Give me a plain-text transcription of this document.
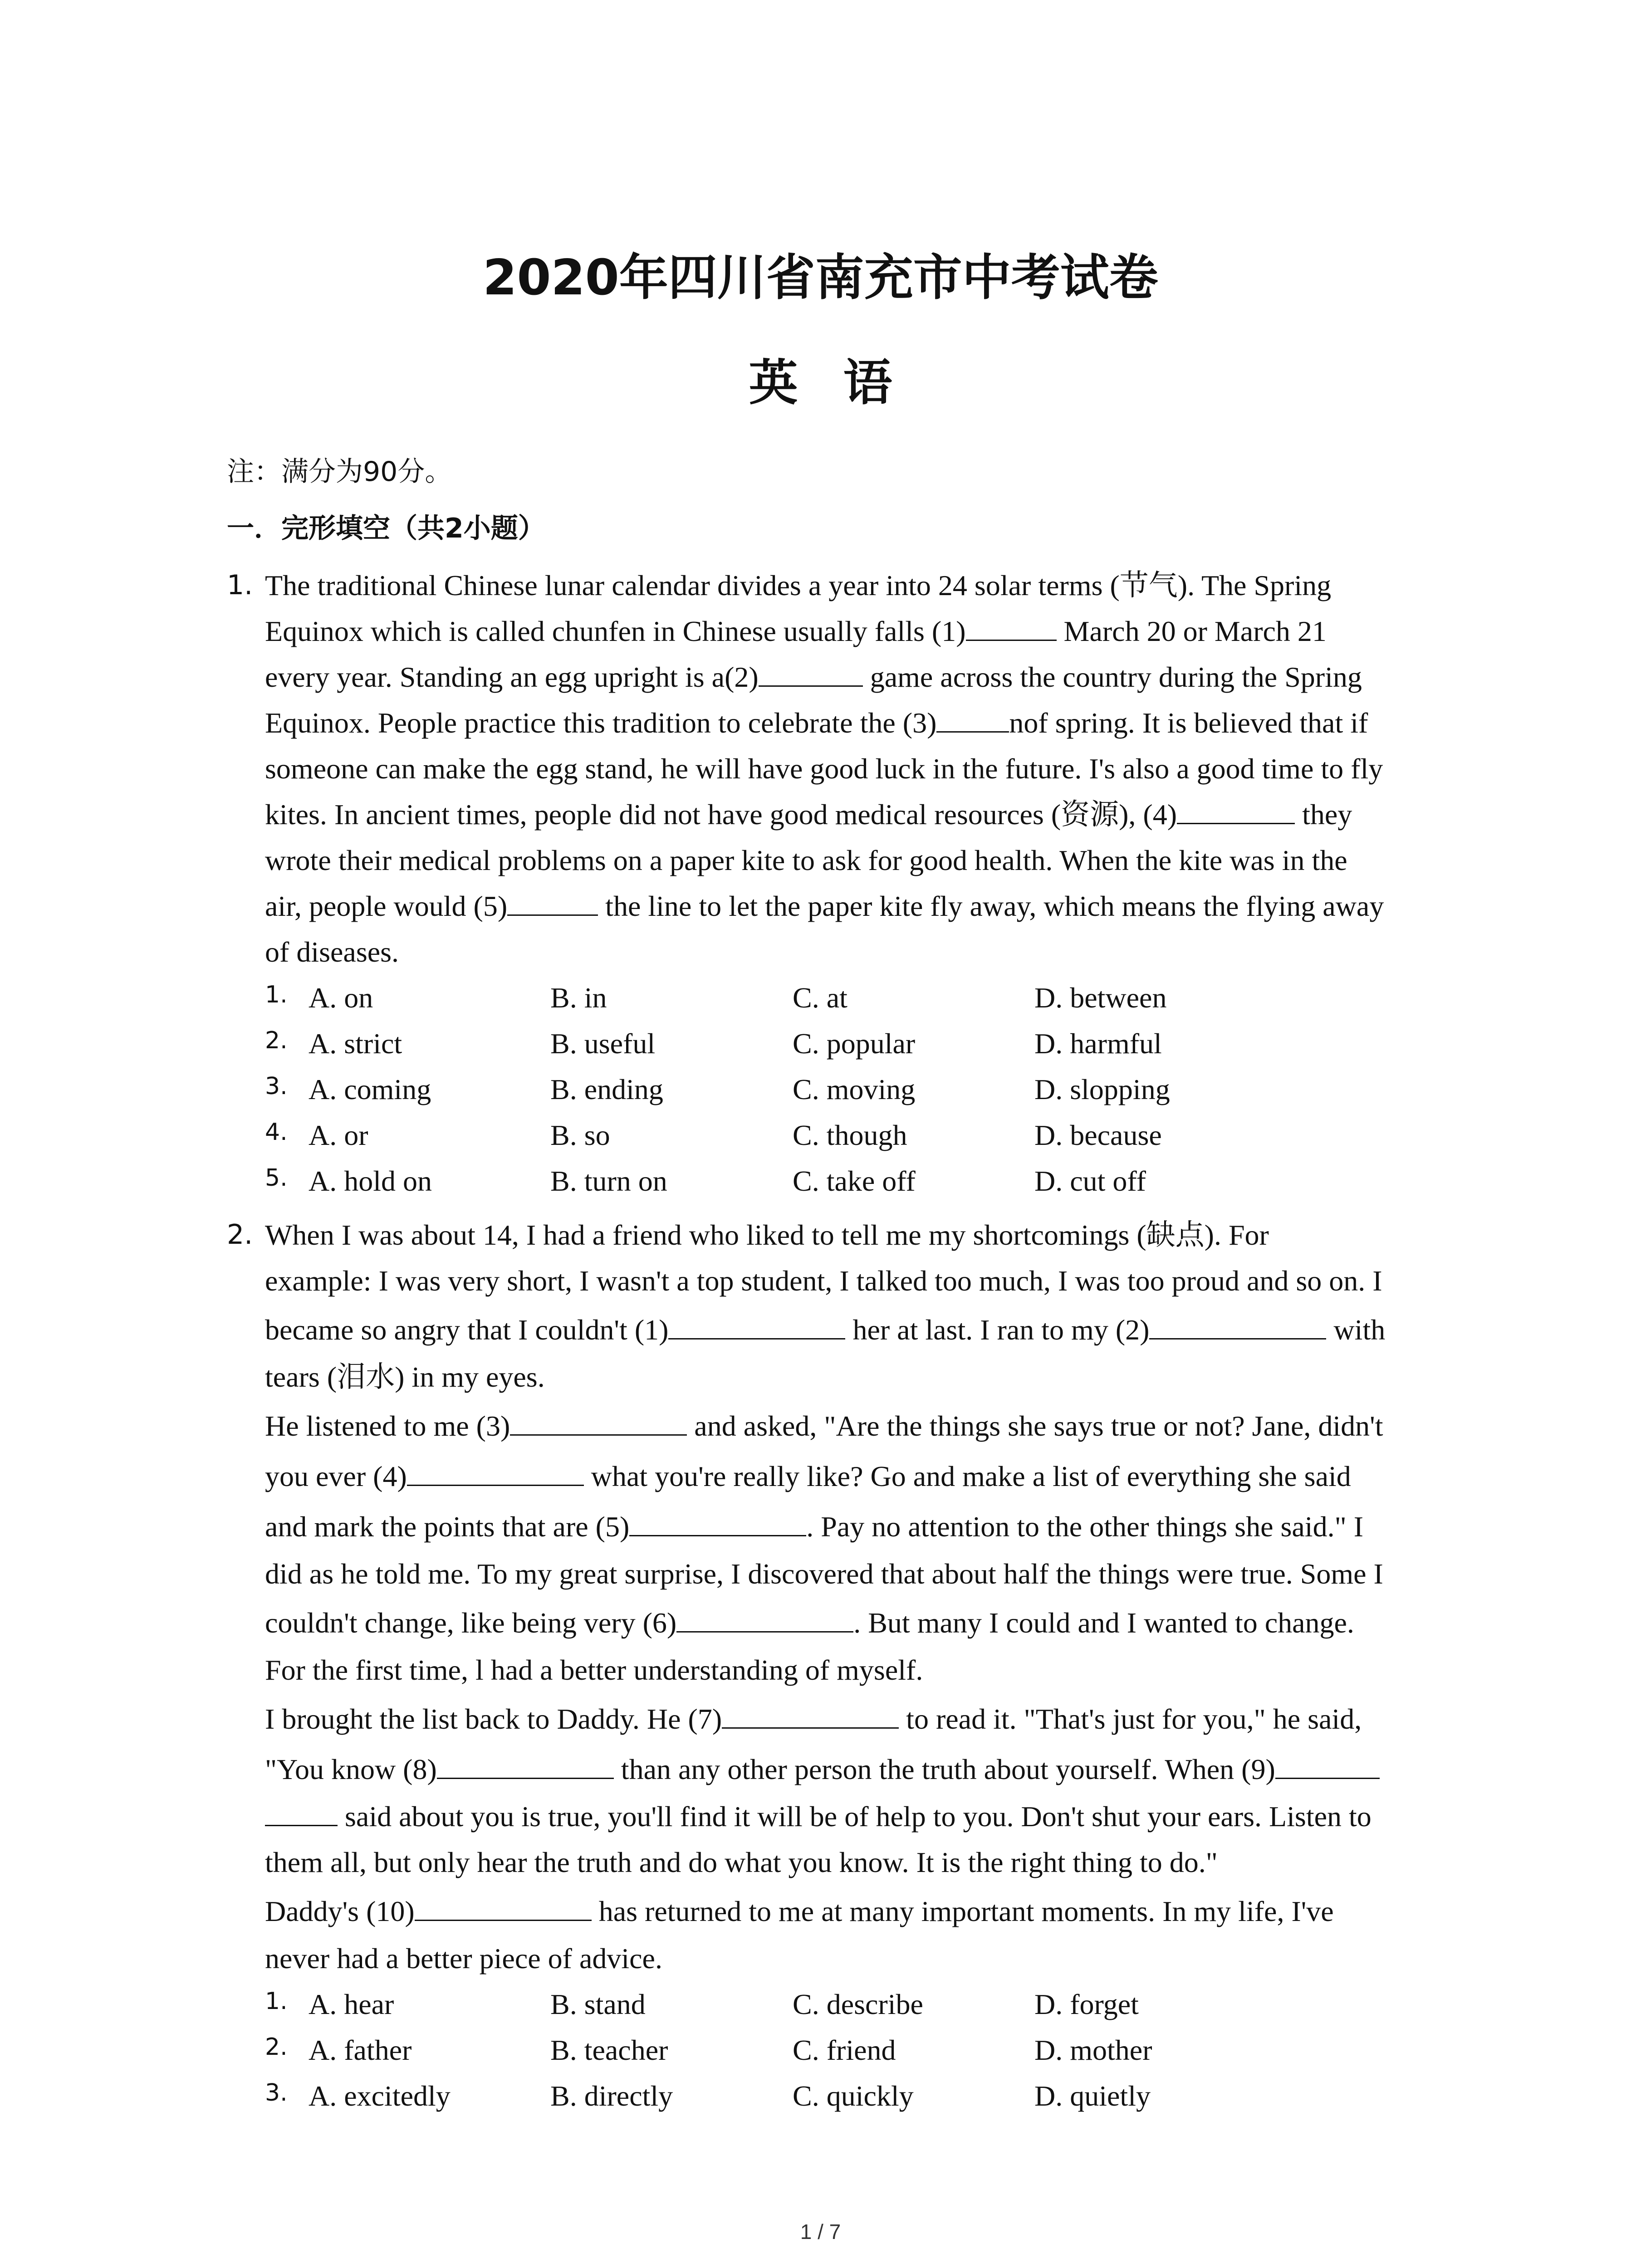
2020年四川省南充市中考试卷
英语
注：满分为90分。
一．完形填空（共2小题）
1. The traditional Chinese lunar calendar divides a year into 24 solar terms (节气). The Spring
Equinox which is called chunfen in Chinese usually falls (1)	March 20 or March 21
every year. Standing an egg upright is a(2)	game across the country during the Spring
Equinox. People practice this tradition to celebrate the (3)	nof spring. It is believed that if
someone can make the egg stand, he will have good luck in the future. I's also a good time to fly
kites. In ancient times, people did not have good medical resources (资源), (4)	they
wrote their medical problems on a paper kite to ask for good health. When the kite was in the
air, people would (5)	the line to let the paper kite fly away, which means the flying away
of diseases.
1. A. on	B. in	C. at	D. between
2. A. strict	B. useful	C. popular	D. harmful
3. A. coming	B. ending	C. moving	D. slopping
4. A. or	B. so	C. though	D. because
5. A. hold on	B. turn on	C. take off	D. cut off
2. When I was about 14, I had a friend who liked to tell me my shortcomings (缺点). For
example: I was very short, I wasn't a top student, I talked too much, I was too proud and so on. I
became so angry that I couldn't (1)	her at last. I ran to my (2)	with
tears (泪水) in my eyes.
He listened to me (3)	and asked, "Are the things she says true or not? Jane, didn't
you ever (4)	what you're really like? Go and make a list of everything she said
and mark the points that are (5)	. Pay no attention to the other things she said." I
did as he told me. To my great surprise, I discovered that about half the things were true. Some I
couldn't change, like being very (6)	. But many I could and I wanted to change.
For the first time, l had a better understanding of myself.
I brought the list back to Daddy. He (7)	to read it. "That's just for you," he said,
"You know (8)	than any other person the truth about yourself. When (9)
said about you is true, you'll find it will be of help to you. Don't shut your ears. Listen to
them all, but only hear the truth and do what you know. It is the right thing to do."
Daddy's (10)	has returned to me at many important moments. In my life, I've
never had a better piece of advice.
1. A. hear	B. stand	C. describe	D. forget
2. A. father	B. teacher	C. friend	D. mother
3. A. excitedly	B. directly	C. quickly	D. quietly
1 / 7
